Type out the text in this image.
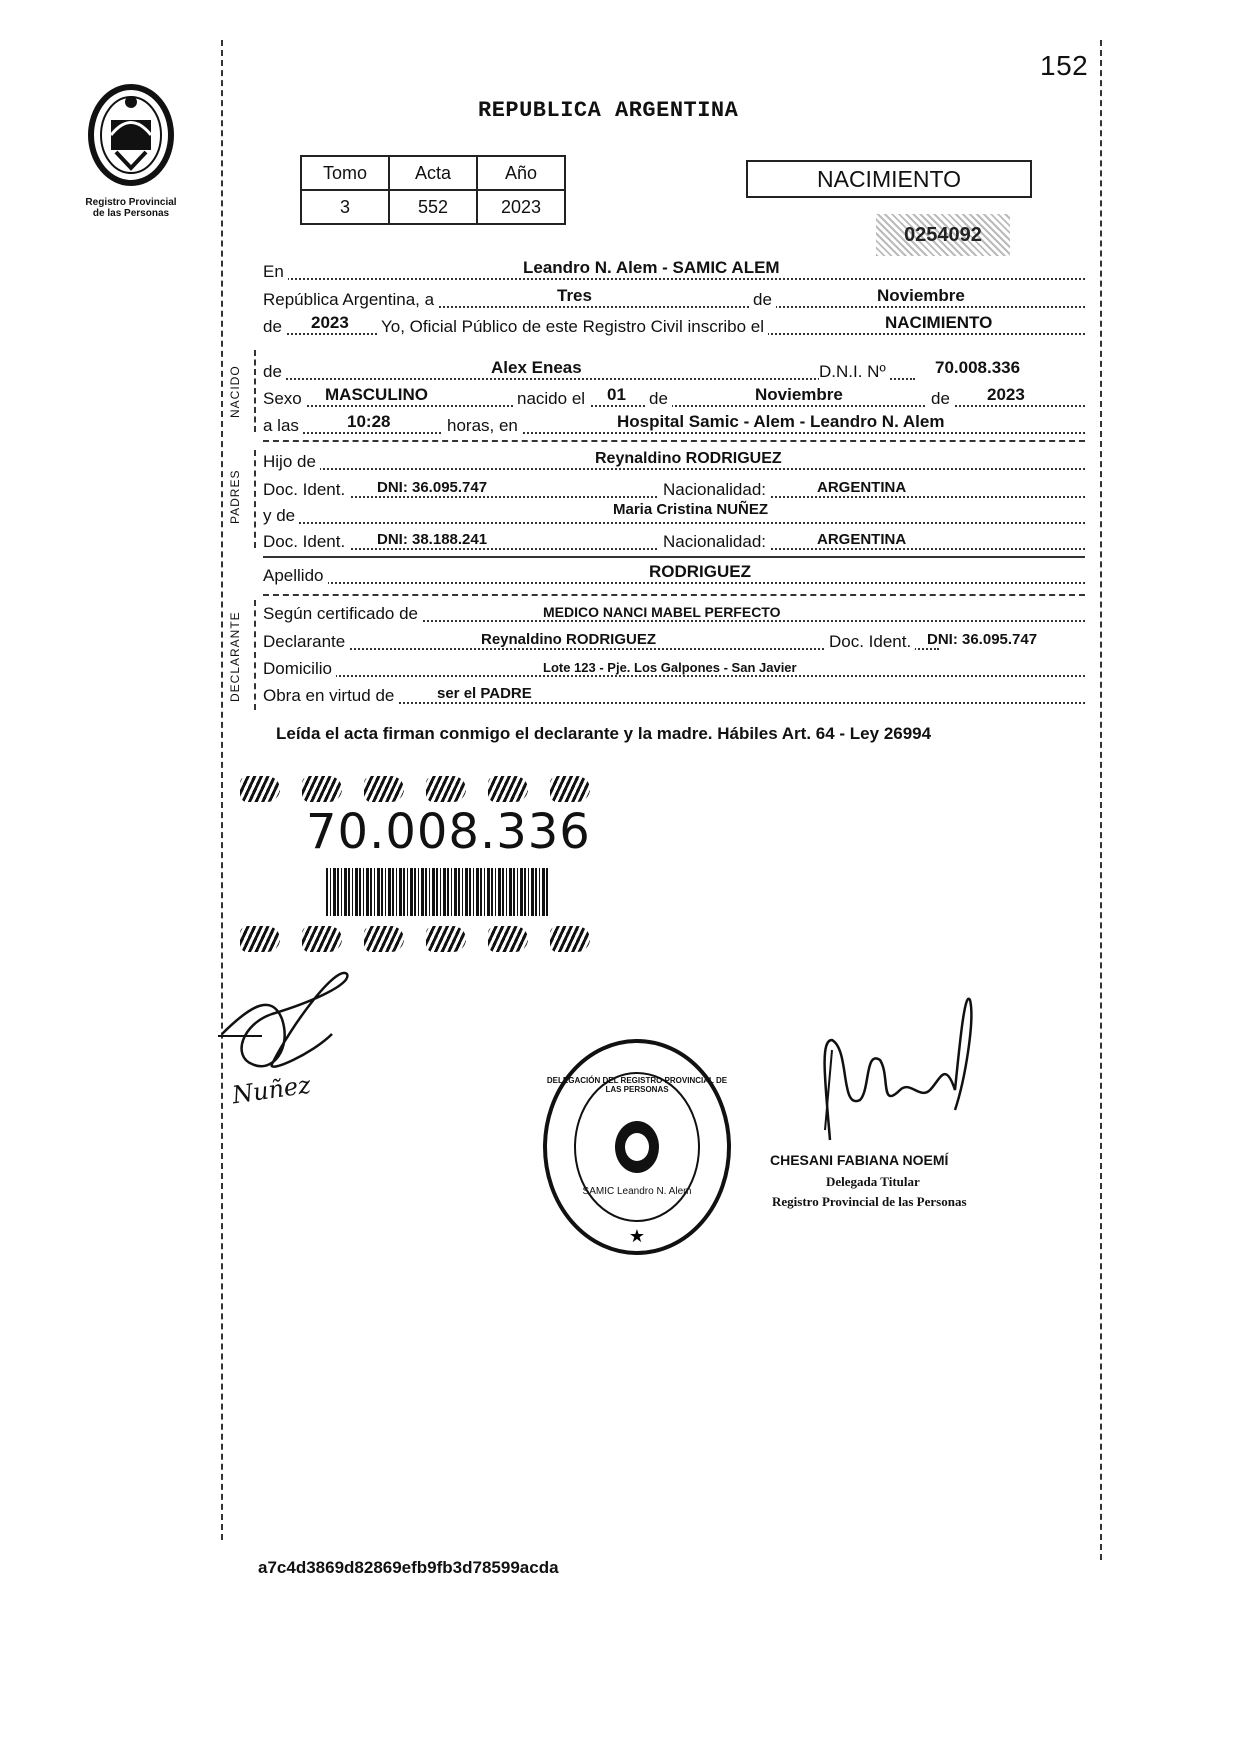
152
Registro Provincial
de las Personas
REPUBLICA ARGENTINA
Tomo	Acta	Año
3	552	2023
NACIMIENTO
0254092
En	Leandro N. Alem - SAMIC ALEM
República Argentina, a	Tres	de	Noviembre
de 2023 Yo, Oficial Público de este Registro Civil inscribo el	NACIMIENTO
NACIDO de	Alex Eneas	D.N.I. Nº	70.008.336
Sexo MASCULINO	nacido el 01 de	Noviembre	de 2023
a las	10:28	horas, en	Hospital Samic - Alem - Leandro N. Alem
PADRES
Hijo de	Reynaldino RODRIGUEZ
Doc. Ident. DNI: 36.095.747	Nacionalidad:	ARGENTINA
y de	Maria Cristina NUÑEZ
Doc. Ident. DNI: 38.188.241	Nacionalidad:	ARGENTINA
Apellido	RODRIGUEZ
DECLARANTE Según certificado de	MEDICO NANCI MABEL PERFECTO
Declarante	Reynaldino RODRIGUEZ	Doc. Ident. DNI: 36.095.747
Domicilio	Lote 123 - Pje. Los Galpones - San Javier
Obra en virtud de	ser el PADRE
Leída el acta firman conmigo el declarante y la madre. Hábiles Art. 64 - Ley 26994
70.008.336
Nuñez
★
DELEGACIÓN DEL REGISTRO PROVINCIAL DE LAS PERSONAS
SAMIC Leandro N. Alem
CHESANI FABIANA NOEMÍ
Delegada Titular
Registro Provincial de las Personas
a7c4d3869d82869efb9fb3d78599acda
